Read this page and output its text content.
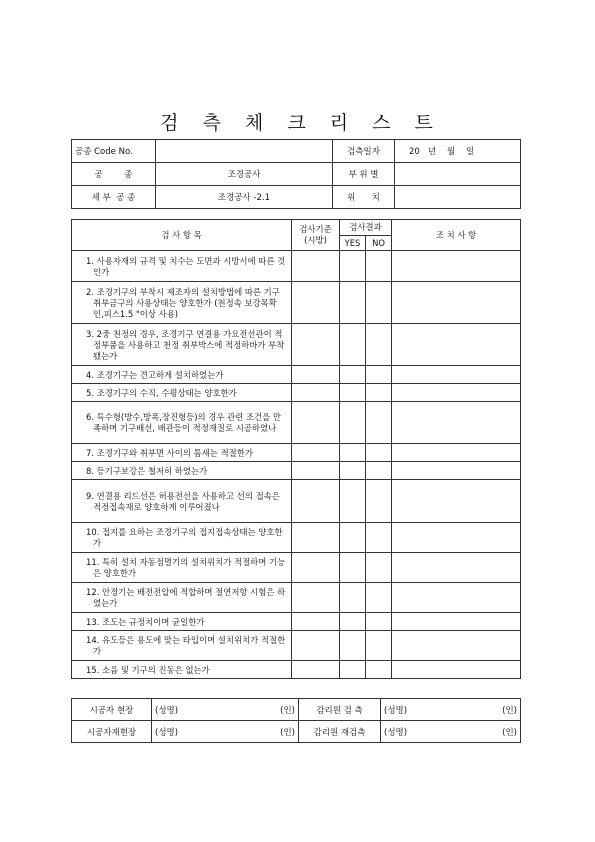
검 측 체 크 리 스 트
공종 Code No.		검측일자	20   년    월    일
공        종	조경공사	부 위 별	
세 부  공 종	조경공사 -2.1	위      치	
검 사 항 목	검사기준 (시방)	검사결과		조 치 사 항
		YES	NO	

1. 사용자재의 규격 및 치수는 도면과 시방서에 따른 것인가				

2. 조경기구의 부착시 제조자의 설치방법에 따른 기구취부금구의 사용상태는 양호한가 (천정속 보강목확인,피스1.5 "이상 사용)				

3. 2중 천정의 경우, 조경기구 연결용 가요전선관이 적정부품을 사용하고 천정 취부박스에 적정하바가 부착됐는가				

4. 조경기구는 견고하게 설치하였는가				

5. 조경기구의 수직, 수평상태는 양호한가				

6. 특수형(방수,방폭,장진형등)의 경우 관련 조건을 만족하며 기구배선, 배관등이 적정재질로 시공하였나				

7. 조경기구와 취부면 사이의 틈새는 적절한가				

8. 등기구보강은 철저히 하였는가				

9. 연결용 리드선은 허용전선을 사용하고 선의 접속은 적정접속재로 양호하게 이루어졌나				

10. 접지를 요하는 조경기구의 접지접속상태는 양호한가				

11. 특히 설치 자동점멸기의 설치위치가 적절하며 기능은 양호한가				

12. 안정기는 배전전압에 적합하며 절연저항 시험은 하였는가				

13. 조도는 규정치이며 균일한가				

14. 유도등은 용도에 맞는 타입이며 설치위치가 적절한가				

15. 소음 및 기구의 진동은 없는가				

시공자 현장	(성명) (인)	감리원 검 측	(성명) (인)

시공자재현장	(성명) (인)	감리원 재검측	(성명) (인)
